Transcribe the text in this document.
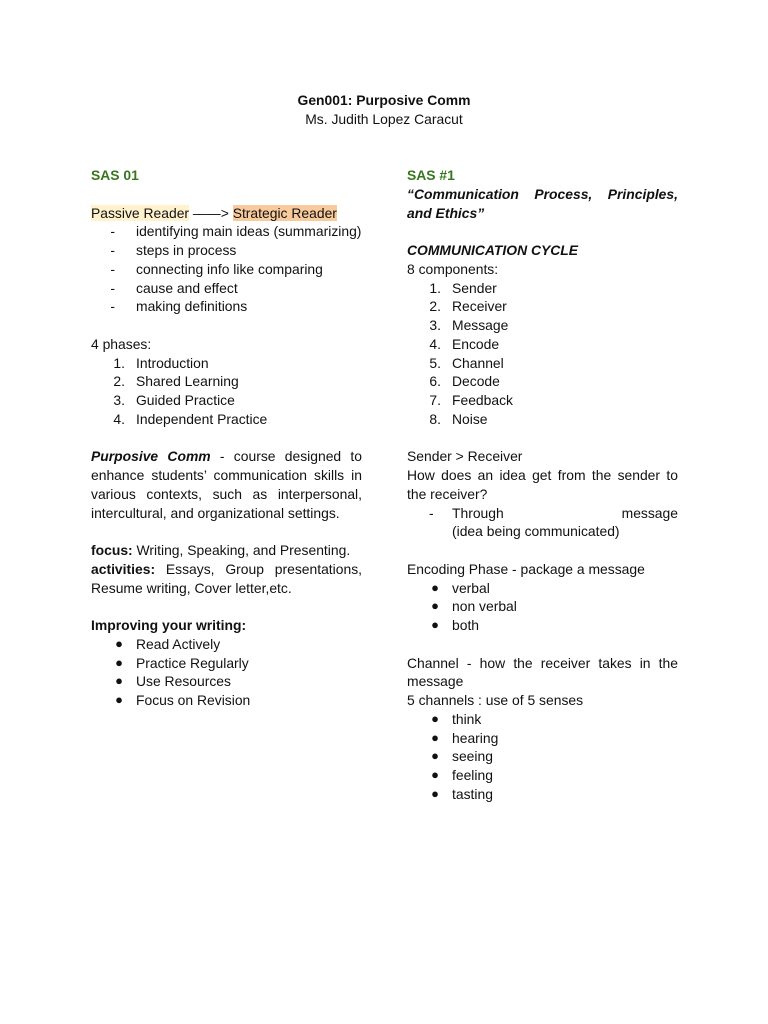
Gen001: Purposive Comm
Ms. Judith Lopez Caracut

SAS 01

Passive Reader ——> Strategic Reader

- identifying main ideas (summarizing)
- steps in process
- connecting info like comparing
- cause and effect
- making definitions

4 phases:

1. Introduction
2. Shared Learning
3. Guided Practice
4. Independent Practice

Purposive Comm - course designed to enhance students’ communication skills in various contexts, such as interpersonal, intercultural, and organizational settings.

focus: Writing, Speaking, and Presenting.

activities: Essays, Group presentations, Resume writing, Cover letter,etc.

Improving your writing:

● Read Actively
● Practice Regularly
● Use Resources
● Focus on Revision

SAS #1

“Communication Process, Principles, and Ethics”

COMMUNICATION CYCLE

8 components:

1. Sender
2. Receiver
3. Message
4. Encode
5. Channel
6. Decode
7. Feedback
8. Noise

Sender > Receiver

How does an idea get from the sender to the receiver?

-	Through	message
(idea being communicated)

Encoding Phase - package a message

● verbal
● non verbal
● both

Channel - how the receiver takes in the message

5 channels : use of 5 senses

● think
● hearing
● seeing
● feeling
● tasting
